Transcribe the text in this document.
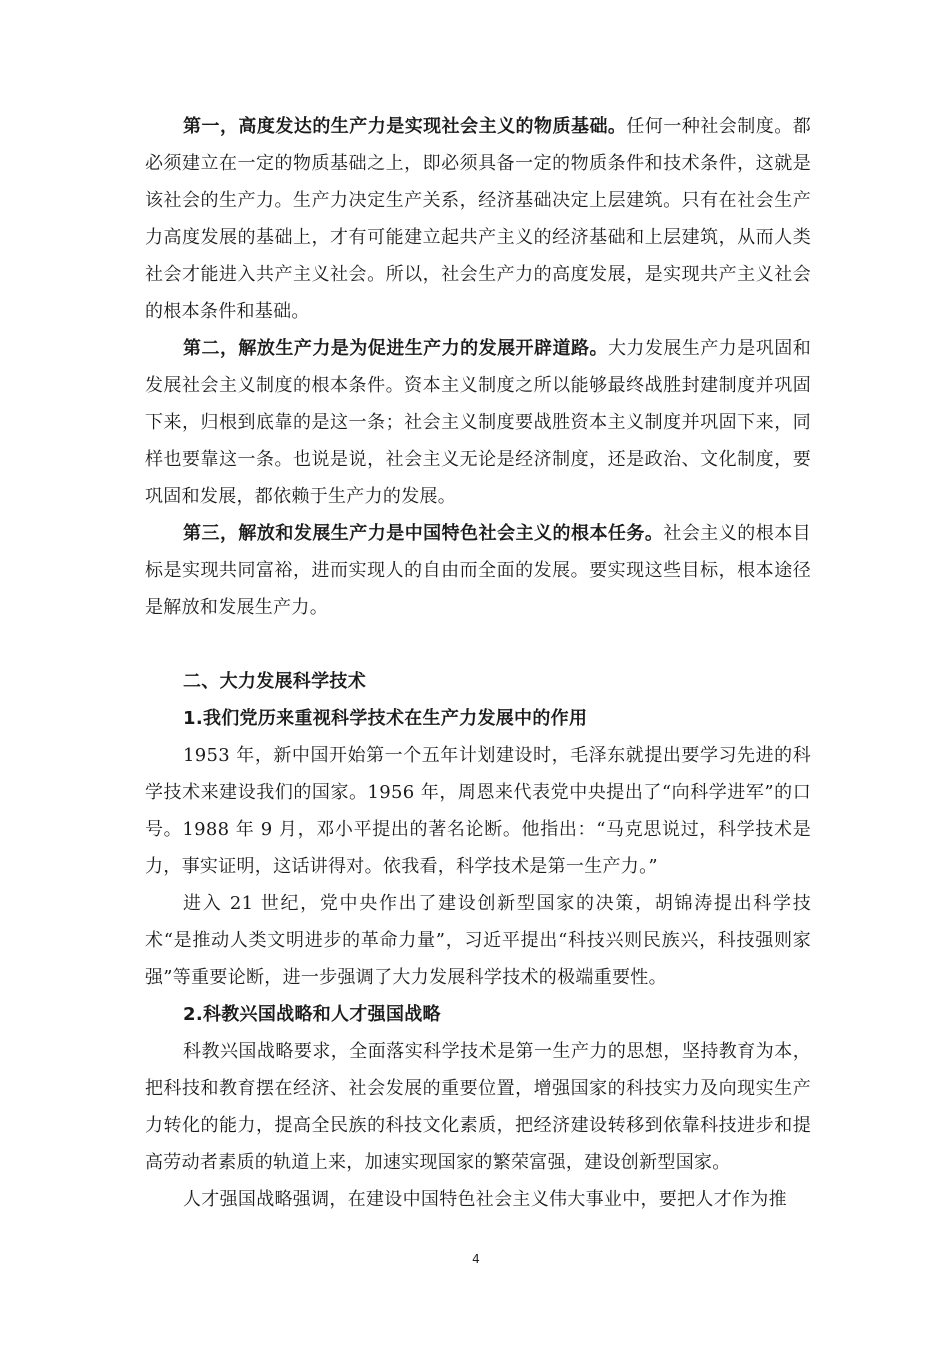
第一，高度发达的生产力是实现社会主义的物质基础。任何一种社会制度。都必须建立在一定的物质基础之上，即必须具备一定的物质条件和技术条件，这就是该社会的生产力。生产力决定生产关系，经济基础决定上层建筑。只有在社会生产力高度发展的基础上，才有可能建立起共产主义的经济基础和上层建筑，从而人类社会才能进入共产主义社会。所以，社会生产力的高度发展，是实现共产主义社会的根本条件和基础。

第二，解放生产力是为促进生产力的发展开辟道路。大力发展生产力是巩固和发展社会主义制度的根本条件。资本主义制度之所以能够最终战胜封建制度并巩固下来，归根到底靠的是这一条；社会主义制度要战胜资本主义制度并巩固下来，同样也要靠这一条。也说是说，社会主义无论是经济制度，还是政治、文化制度，要巩固和发展，都依赖于生产力的发展。

第三，解放和发展生产力是中国特色社会主义的根本任务。社会主义的根本目标是实现共同富裕，进而实现人的自由而全面的发展。要实现这些目标，根本途径是解放和发展生产力。

二、大力发展科学技术

1.我们党历来重视科学技术在生产力发展中的作用

1953 年，新中国开始第一个五年计划建设时，毛泽东就提出要学习先进的科学技术来建设我们的国家。1956 年，周恩来代表党中央提出了“向科学进军”的口号。1988 年 9 月，邓小平提出的著名论断。他指出：“马克思说过，科学技术是力，事实证明，这话讲得对。依我看，科学技术是第一生产力。”

进入 21 世纪，党中央作出了建设创新型国家的决策，胡锦涛提出科学技术“是推动人类文明进步的革命力量”，习近平提出“科技兴则民族兴，科技强则家强”等重要论断，进一步强调了大力发展科学技术的极端重要性。

2.科教兴国战略和人才强国战略

科教兴国战略要求，全面落实科学技术是第一生产力的思想，坚持教育为本，把科技和教育摆在经济、社会发展的重要位置，增强国家的科技实力及向现实生产力转化的能力，提高全民族的科技文化素质，把经济建设转移到依靠科技进步和提高劳动者素质的轨道上来，加速实现国家的繁荣富强，建设创新型国家。

人才强国战略强调，在建设中国特色社会主义伟大事业中，要把人才作为推

4
